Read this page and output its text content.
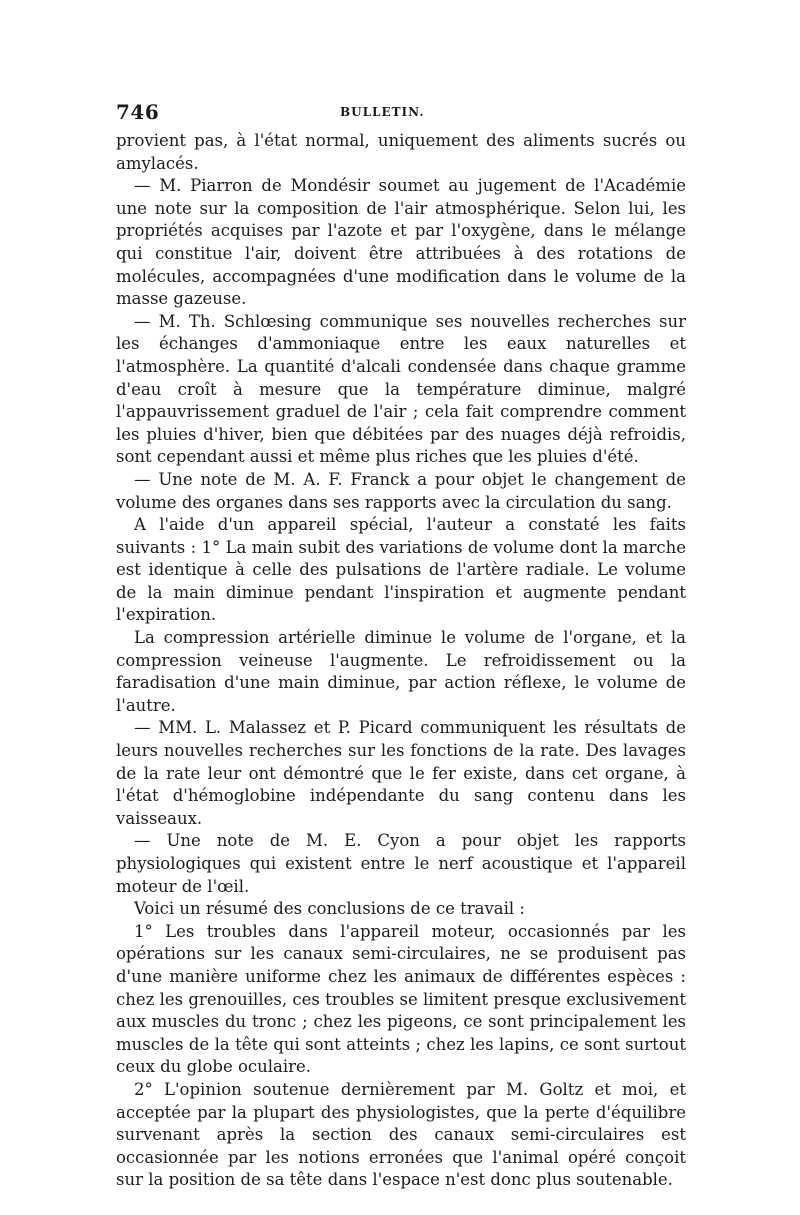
746	BULLETIN.

provient pas, à l'état normal, uniquement des aliments sucrés ou amylacés.

— M. Piarron de Mondésir soumet au jugement de l'Académie une note sur la composition de l'air atmosphérique. Selon lui, les propriétés acquises par l'azote et par l'oxygène, dans le mélange qui constitue l'air, doivent être attribuées à des rotations de molécules, accompagnées d'une modification dans le volume de la masse gazeuse.

— M. Th. Schlœsing communique ses nouvelles recherches sur les échanges d'ammoniaque entre les eaux naturelles et l'atmosphère. La quantité d'alcali condensée dans chaque gramme d'eau croît à mesure que la température diminue, malgré l'appauvrissement graduel de l'air ; cela fait comprendre comment les pluies d'hiver, bien que débitées par des nuages déjà refroidis, sont cependant aussi et même plus riches que les pluies d'été.

— Une note de M. A. F. Franck a pour objet le changement de volume des organes dans ses rapports avec la circulation du sang.

A l'aide d'un appareil spécial, l'auteur a constaté les faits suivants : 1° La main subit des variations de volume dont la marche est identique à celle des pulsations de l'artère radiale. Le volume de la main diminue pendant l'inspiration et augmente pendant l'expiration.

La compression artérielle diminue le volume de l'organe, et la compression veineuse l'augmente. Le refroidissement ou la faradisation d'une main diminue, par action réflexe, le volume de l'autre.

— MM. L. Malassez et P. Picard communiquent les résultats de leurs nouvelles recherches sur les fonctions de la rate. Des lavages de la rate leur ont démontré que le fer existe, dans cet organe, à l'état d'hémoglobine indépendante du sang contenu dans les vaisseaux.

— Une note de M. E. Cyon a pour objet les rapports physiologiques qui existent entre le nerf acoustique et l'appareil moteur de l'œil.

Voici un résumé des conclusions de ce travail :

1° Les troubles dans l'appareil moteur, occasionnés par les opérations sur les canaux semi-circulaires, ne se produisent pas d'une manière uniforme chez les animaux de différentes espèces : chez les grenouilles, ces troubles se limitent presque exclusivement aux muscles du tronc ; chez les pigeons, ce sont principalement les muscles de la tête qui sont atteints ; chez les lapins, ce sont surtout ceux du globe oculaire.

2° L'opinion soutenue dernièrement par M. Goltz et moi, et acceptée par la plupart des physiologistes, que la perte d'équilibre survenant après la section des canaux semi-circulaires est occasionnée par les notions erronées que l'animal opéré conçoit sur la position de sa tête dans l'espace n'est donc plus soutenable.
